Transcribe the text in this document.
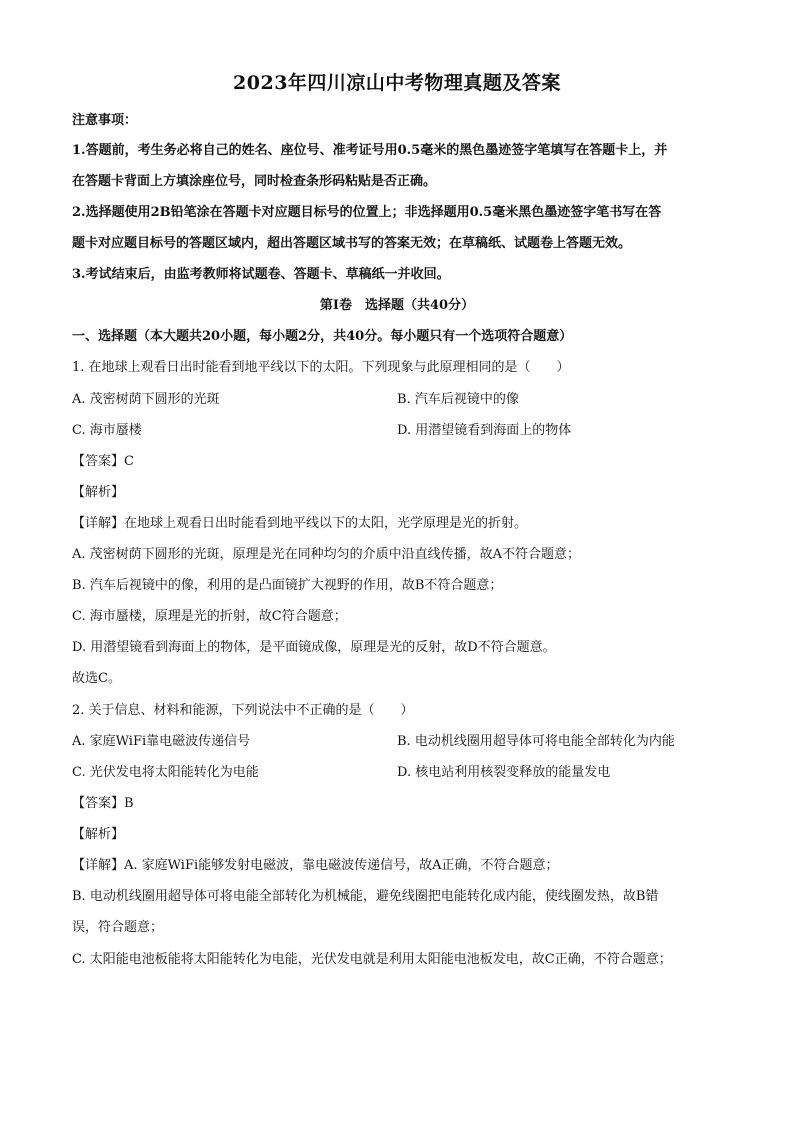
2023年四川凉山中考物理真题及答案
注意事项：
1.答题前，考生务必将自己的姓名、座位号、准考证号用0.5毫米的黑色墨迹签字笔填写在答题卡上，并
在答题卡背面上方填涂座位号，同时检查条形码粘贴是否正确。
2.选择题使用2B铅笔涂在答题卡对应题目标号的位置上；非选择题用0.5毫米黑色墨迹签字笔书写在答
题卡对应题目标号的答题区域内，超出答题区域书写的答案无效；在草稿纸、试题卷上答题无效。
3.考试结束后，由监考教师将试题卷、答题卡、草稿纸一并收回。
第Ⅰ卷　选择题（共40分）
一、选择题（本大题共20小题，每小题2分，共40分。每小题只有一个选项符合题意）
1. 在地球上观看日出时能看到地平线以下的太阳。下列现象与此原理相同的是（　　）
A. 茂密树荫下圆形的光斑	B. 汽车后视镜中的像
C. 海市蜃楼	D. 用潜望镜看到海面上的物体
【答案】C
【解析】
【详解】在地球上观看日出时能看到地平线以下的太阳，光学原理是光的折射。
A. 茂密树荫下圆形的光斑，原理是光在同种均匀的介质中沿直线传播，故A不符合题意；
B. 汽车后视镜中的像，利用的是凸面镜扩大视野的作用，故B不符合题意；
C. 海市蜃楼，原理是光的折射，故C符合题意；
D. 用潜望镜看到海面上的物体，是平面镜成像，原理是光的反射，故D不符合题意。
故选C。
2. 关于信息、材料和能源，下列说法中不正确的是（　　）
A. 家庭WiFi靠电磁波传递信号	B. 电动机线圈用超导体可将电能全部转化为内能
C. 光伏发电将太阳能转化为电能	D. 核电站利用核裂变释放的能量发电
【答案】B
【解析】
【详解】A. 家庭WiFi能够发射电磁波，靠电磁波传递信号，故A正确，不符合题意；
B. 电动机线圈用超导体可将电能全部转化为机械能，避免线圈把电能转化成内能，使线圈发热，故B错
误，符合题意；
C. 太阳能电池板能将太阳能转化为电能，光伏发电就是利用太阳能电池板发电，故C正确，不符合题意；
